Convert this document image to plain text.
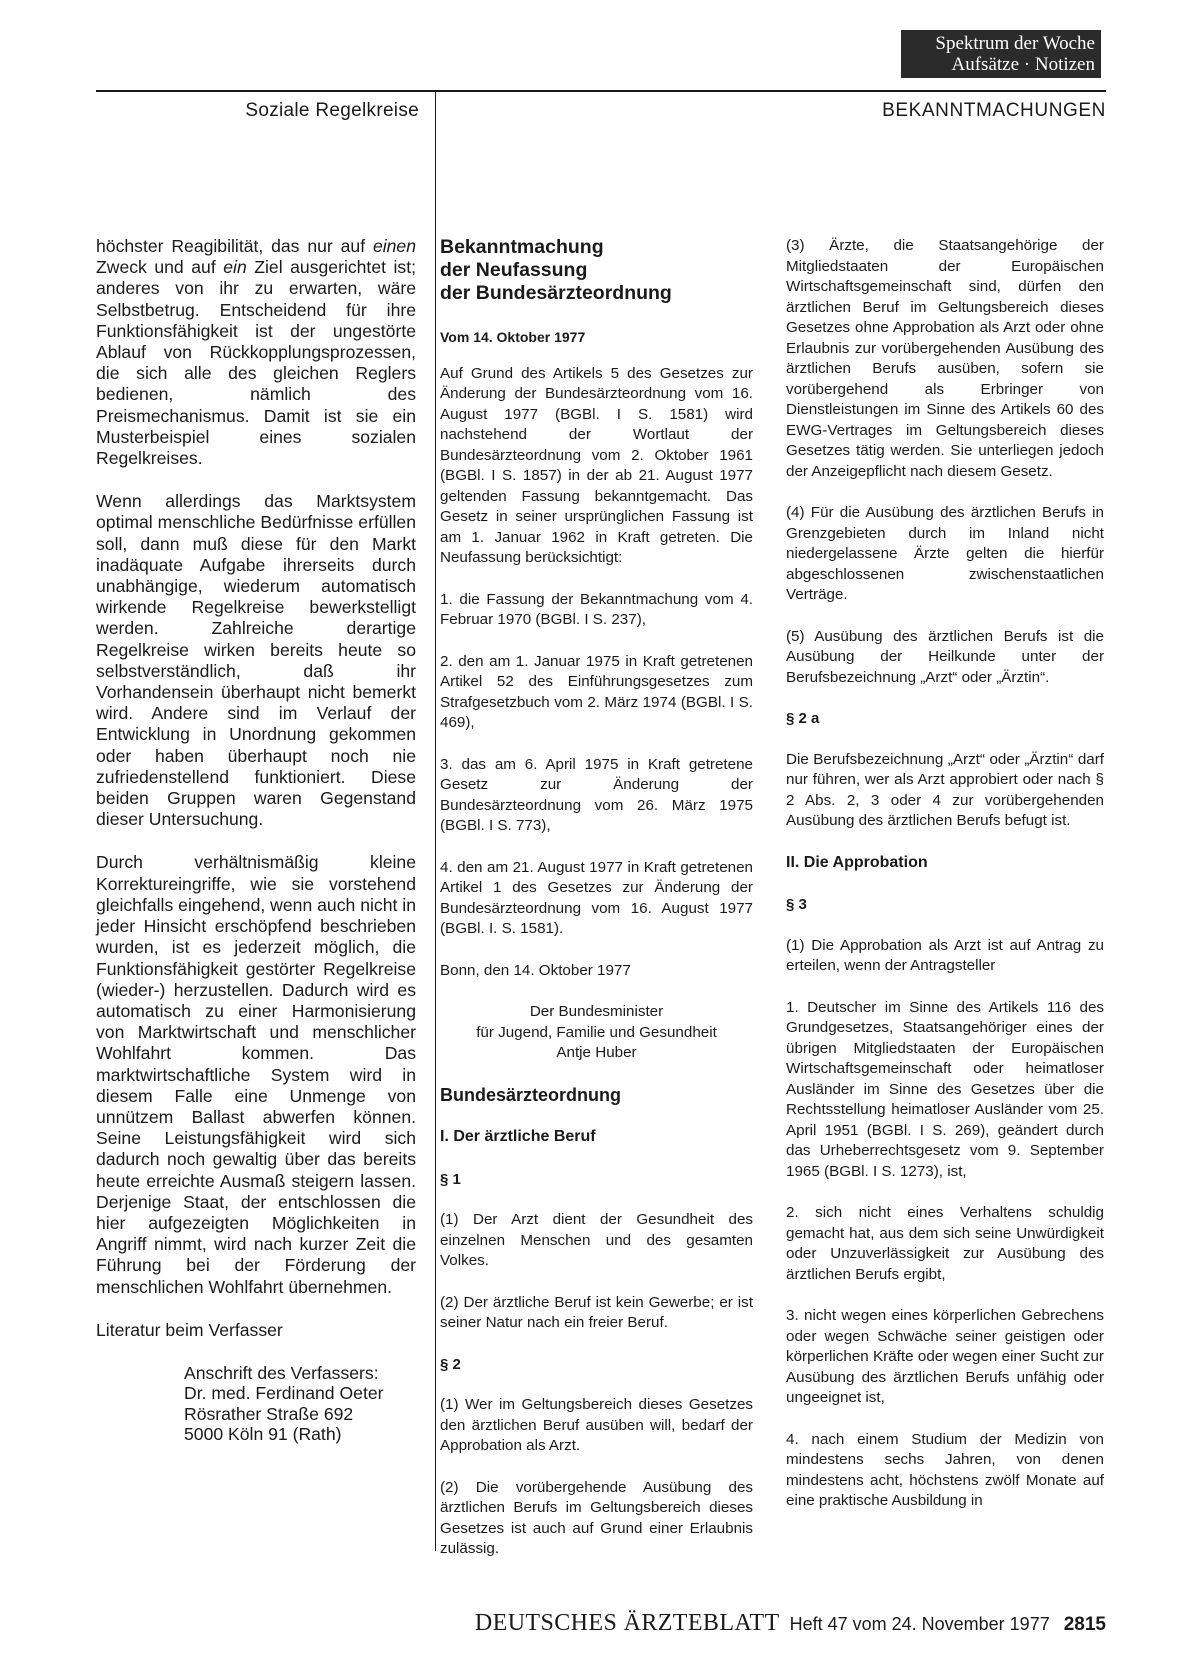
Spektrum der Woche
Aufsätze · Notizen
Soziale Regelkreise	BEKANNTMACHUNGEN

höchster Reagibilität, das nur auf einen Zweck und auf ein Ziel ausgerichtet ist; anderes von ihr zu erwarten, wäre Selbstbetrug. Entscheidend für ihre Funktionsfähigkeit ist der ungestörte Ablauf von Rückkopplungsprozessen, die sich alle des gleichen Reglers bedienen, nämlich des Preismechanismus. Damit ist sie ein Musterbeispiel eines sozialen Regelkreises.

Wenn allerdings das Marktsystem optimal menschliche Bedürfnisse erfüllen soll, dann muß diese für den Markt inadäquate Aufgabe ihrerseits durch unabhängige, wiederum automatisch wirkende Regelkreise bewerkstelligt werden. Zahlreiche derartige Regelkreise wirken bereits heute so selbstverständlich, daß ihr Vorhandensein überhaupt nicht bemerkt wird. Andere sind im Verlauf der Entwicklung in Unordnung gekommen oder haben überhaupt noch nie zufriedenstellend funktioniert. Diese beiden Gruppen waren Gegenstand dieser Untersuchung.

Durch verhältnismäßig kleine Korrektureingriffe, wie sie vorstehend gleichfalls eingehend, wenn auch nicht in jeder Hinsicht erschöpfend beschrieben wurden, ist es jederzeit möglich, die Funktionsfähigkeit gestörter Regelkreise (wieder-) herzustellen. Dadurch wird es automatisch zu einer Harmonisierung von Marktwirtschaft und menschlicher Wohlfahrt kommen. Das marktwirtschaftliche System wird in diesem Falle eine Unmenge von unnützem Ballast abwerfen können. Seine Leistungsfähigkeit wird sich dadurch noch gewaltig über das bereits heute erreichte Ausmaß steigern lassen. Derjenige Staat, der entschlossen die hier aufgezeigten Möglichkeiten in Angriff nimmt, wird nach kurzer Zeit die Führung bei der Förderung der menschlichen Wohlfahrt übernehmen.

Literatur beim Verfasser

Anschrift des Verfassers:
Dr. med. Ferdinand Oeter
Rösrather Straße 692
5000 Köln 91 (Rath)

Bekanntmachung
der Neufassung
der Bundesärzteordnung
Vom 14. Oktober 1977

Auf Grund des Artikels 5 des Gesetzes zur Änderung der Bundesärzteordnung vom 16. August 1977 (BGBl. I S. 1581) wird nachstehend der Wortlaut der Bundesärzteordnung vom 2. Oktober 1961 (BGBl. I S. 1857) in der ab 21. August 1977 geltenden Fassung bekanntgemacht. Das Gesetz in seiner ursprünglichen Fassung ist am 1. Januar 1962 in Kraft getreten. Die Neufassung berücksichtigt:

1. die Fassung der Bekanntmachung vom 4. Februar 1970 (BGBl. I S. 237),

2. den am 1. Januar 1975 in Kraft getretenen Artikel 52 des Einführungsgesetzes zum Strafgesetzbuch vom 2. März 1974 (BGBl. I S. 469),

3. das am 6. April 1975 in Kraft getretene Gesetz zur Änderung der Bundesärzteordnung vom 26. März 1975 (BGBl. I S. 773),

4. den am 21. August 1977 in Kraft getretenen Artikel 1 des Gesetzes zur Änderung der Bundesärzteordnung vom 16. August 1977 (BGBl. I. S. 1581).

Bonn, den 14. Oktober 1977

Der Bundesminister
für Jugend, Familie und Gesundheit
Antje Huber

Bundesärzteordnung
I. Der ärztliche Beruf
§ 1

(1) Der Arzt dient der Gesundheit des einzelnen Menschen und des gesamten Volkes.

(2) Der ärztliche Beruf ist kein Gewerbe; er ist seiner Natur nach ein freier Beruf.

§ 2

(1) Wer im Geltungsbereich dieses Gesetzes den ärztlichen Beruf ausüben will, bedarf der Approbation als Arzt.

(2) Die vorübergehende Ausübung des ärztlichen Berufs im Geltungsbereich dieses Gesetzes ist auch auf Grund einer Erlaubnis zulässig.

(3) Ärzte, die Staatsangehörige der Mitgliedstaaten der Europäischen Wirtschaftsgemeinschaft sind, dürfen den ärztlichen Beruf im Geltungsbereich dieses Gesetzes ohne Approbation als Arzt oder ohne Erlaubnis zur vorübergehenden Ausübung des ärztlichen Berufs ausüben, sofern sie vorübergehend als Erbringer von Dienstleistungen im Sinne des Artikels 60 des EWG-Vertrages im Geltungsbereich dieses Gesetzes tätig werden. Sie unterliegen jedoch der Anzeigepflicht nach diesem Gesetz.

(4) Für die Ausübung des ärztlichen Berufs in Grenzgebieten durch im Inland nicht niedergelassene Ärzte gelten die hierfür abgeschlossenen zwischenstaatlichen Verträge.

(5) Ausübung des ärztlichen Berufs ist die Ausübung der Heilkunde unter der Berufsbezeichnung „Arzt“ oder „Ärztin“.

§ 2 a

Die Berufsbezeichnung „Arzt“ oder „Ärztin“ darf nur führen, wer als Arzt approbiert oder nach § 2 Abs. 2, 3 oder 4 zur vorübergehenden Ausübung des ärztlichen Berufs befugt ist.

II. Die Approbation
§ 3

(1) Die Approbation als Arzt ist auf Antrag zu erteilen, wenn der Antragsteller

1. Deutscher im Sinne des Artikels 116 des Grundgesetzes, Staatsangehöriger eines der übrigen Mitgliedstaaten der Europäischen Wirtschaftsgemeinschaft oder heimatloser Ausländer im Sinne des Gesetzes über die Rechtsstellung heimatloser Ausländer vom 25. April 1951 (BGBl. I S. 269), geändert durch das Urheberrechtsgesetz vom 9. September 1965 (BGBl. I S. 1273), ist,

2. sich nicht eines Verhaltens schuldig gemacht hat, aus dem sich seine Unwürdigkeit oder Unzuverlässigkeit zur Ausübung des ärztlichen Berufs ergibt,

3. nicht wegen eines körperlichen Gebrechens oder wegen Schwäche seiner geistigen oder körperlichen Kräfte oder wegen einer Sucht zur Ausübung des ärztlichen Berufs unfähig oder ungeeignet ist,

4. nach einem Studium der Medizin von mindestens sechs Jahren, von denen mindestens acht, höchstens zwölf Monate auf eine praktische Ausbildung in

DEUTSCHES ÄRZTEBLATT Heft 47 vom 24. November 1977 2815
